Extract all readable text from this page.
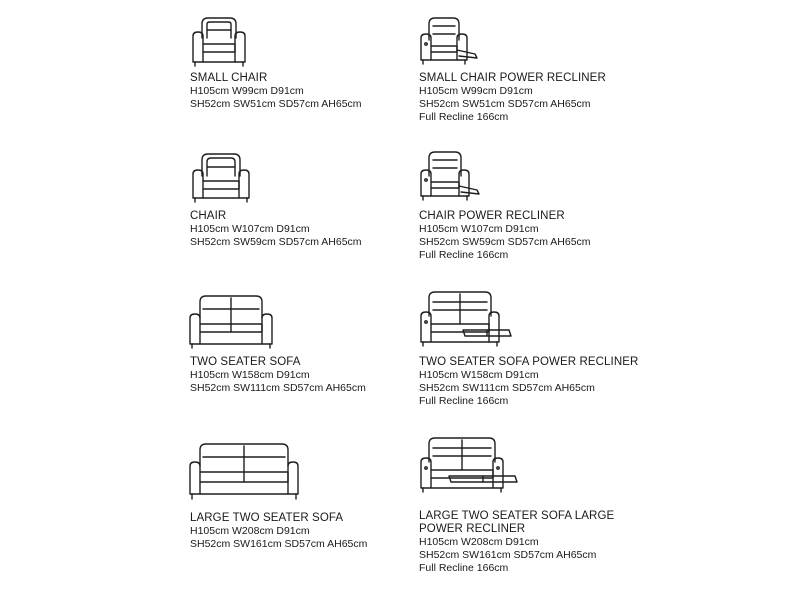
SMALL CHAIR

H105cm W99cm D91cm

SH52cm SW51cm SD57cm AH65cm

SMALL CHAIR POWER RECLINER

H105cm W99cm D91cm

SH52cm SW51cm SD57cm AH65cm

Full Recline 166cm

CHAIR

H105cm W107cm D91cm

SH52cm SW59cm SD57cm AH65cm

CHAIR POWER RECLINER

H105cm W107cm D91cm

SH52cm SW59cm SD57cm AH65cm

Full Recline 166cm

TWO SEATER SOFA

H105cm W158cm D91cm

SH52cm SW111cm SD57cm AH65cm

TWO SEATER SOFA POWER RECLINER

H105cm W158cm D91cm

SH52cm SW111cm SD57cm AH65cm

Full Recline 166cm

LARGE TWO SEATER SOFA

H105cm W208cm D91cm

SH52cm SW161cm SD57cm AH65cm

LARGE TWO SEATER SOFA LARGE
POWER RECLINER

H105cm W208cm D91cm

SH52cm SW161cm SD57cm AH65cm

Full Recline 166cm
